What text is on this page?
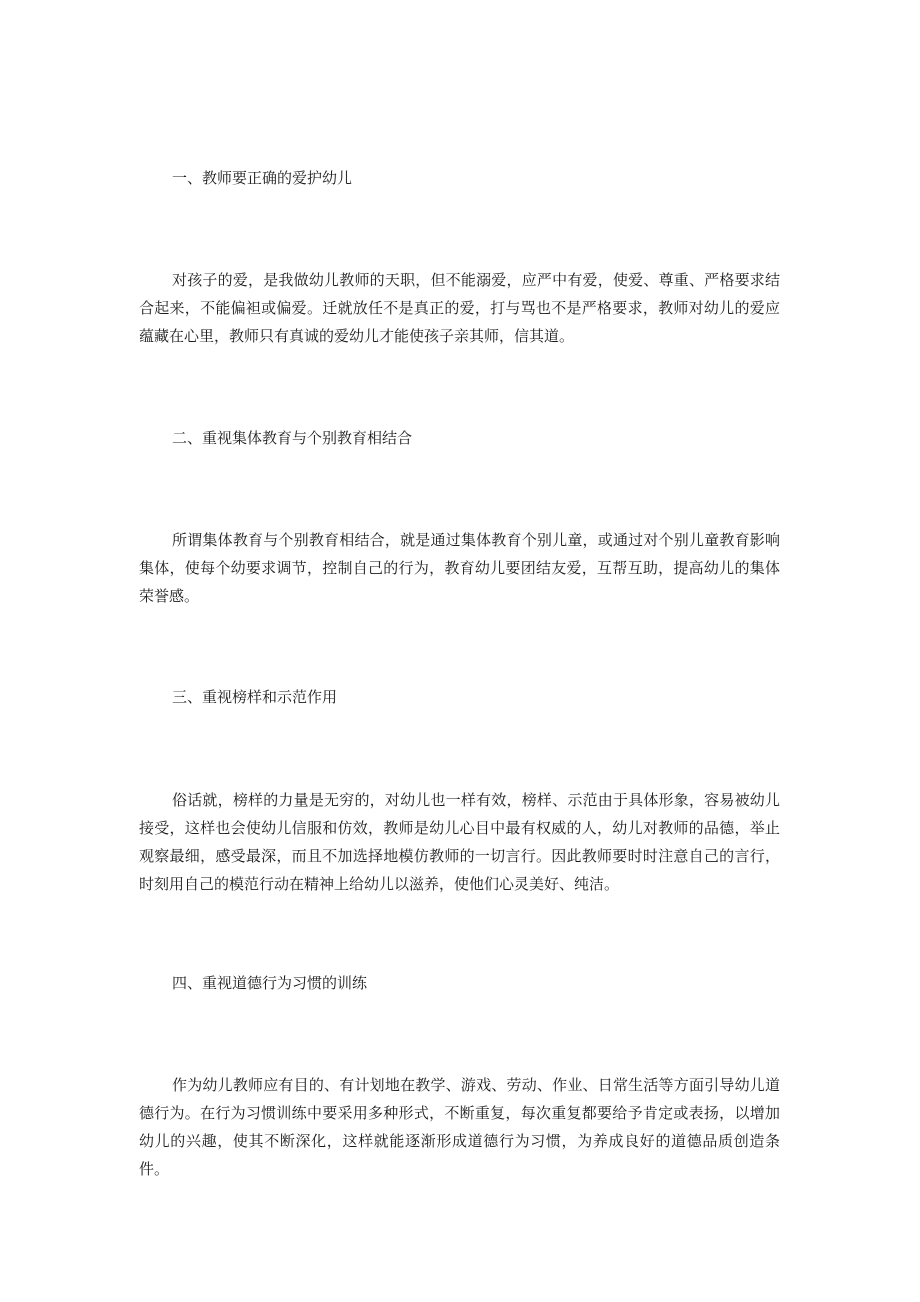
一、教师要正确的爱护幼儿

对孩子的爱，是我做幼儿教师的天职，但不能溺爱，应严中有爱，使爱、尊重、严格要求结合起来，不能偏袒或偏爱。迁就放任不是真正的爱，打与骂也不是严格要求，教师对幼儿的爱应蕴藏在心里，教师只有真诚的爱幼儿才能使孩子亲其师，信其道。

二、重视集体教育与个别教育相结合

所谓集体教育与个别教育相结合，就是通过集体教育个别儿童，或通过对个别儿童教育影响集体，使每个幼要求调节，控制自己的行为，教育幼儿要团结友爱，互帮互助，提高幼儿的集体荣誉感。

三、重视榜样和示范作用

俗话就，榜样的力量是无穷的，对幼儿也一样有效，榜样、示范由于具体形象，容易被幼儿接受，这样也会使幼儿信服和仿效，教师是幼儿心目中最有权威的人，幼儿对教师的品德，举止观察最细，感受最深，而且不加选择地模仿教师的一切言行。因此教师要时时注意自己的言行，时刻用自己的模范行动在精神上给幼儿以滋养，使他们心灵美好、纯洁。

四、重视道德行为习惯的训练

作为幼儿教师应有目的、有计划地在教学、游戏、劳动、作业、日常生活等方面引导幼儿道德行为。在行为习惯训练中要采用多种形式，不断重复，每次重复都要给予肯定或表扬，以增加幼儿的兴趣，使其不断深化，这样就能逐渐形成道德行为习惯，为养成良好的道德品质创造条件。
